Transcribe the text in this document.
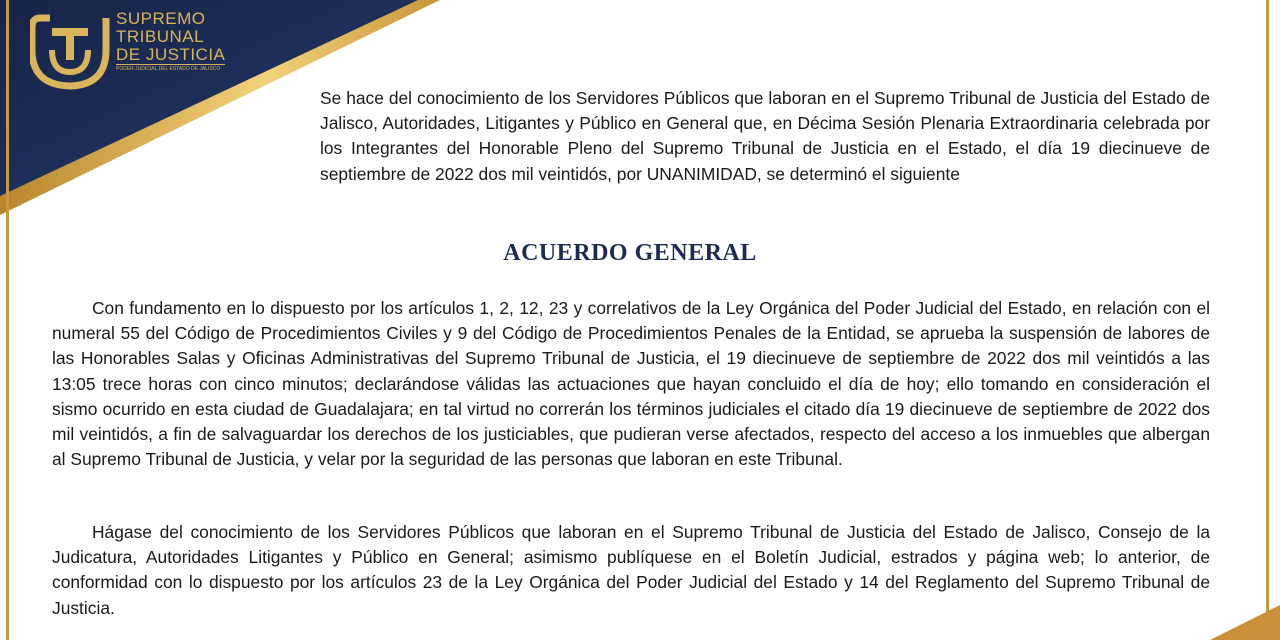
SUPREMO
TRIBUNAL
DE JUSTICIA
PODER JUDICIAL DEL ESTADO DE JALISCO

Se hace del conocimiento de los Servidores Públicos que laboran en el Supremo Tribunal de Justicia del Estado de Jalisco, Autoridades, Litigantes y Público en General que, en Décima Sesión Plenaria Extraordinaria celebrada por los Integrantes del Honorable Pleno del Supremo Tribunal de Justicia en el Estado, el día 19 diecinueve de septiembre de 2022 dos mil veintidós, por UNANIMIDAD, se determinó el siguiente

ACUERDO GENERAL

Con fundamento en lo dispuesto por los artículos 1, 2, 12, 23 y correlativos de la Ley Orgánica del Poder Judicial del Estado, en relación con el numeral 55 del Código de Procedimientos Civiles y 9 del Código de Procedimientos Penales de la Entidad, se aprueba la suspensión de labores de las Honorables Salas y Oficinas Administrativas del Supremo Tribunal de Justicia, el 19 diecinueve de septiembre de 2022 dos mil veintidós a las 13:05 trece horas con cinco minutos; declarándose válidas las actuaciones que hayan concluido el día de hoy; ello tomando en consideración el sismo ocurrido en esta ciudad de Guadalajara; en tal virtud no correrán los términos judiciales el citado día 19 diecinueve de septiembre de 2022 dos mil veintidós, a fin de salvaguardar los derechos de los justiciables, que pudieran verse afectados, respecto del acceso a los inmuebles que albergan al Supremo Tribunal de Justicia, y velar por la seguridad de las personas que laboran en este Tribunal.

Hágase del conocimiento de los Servidores Públicos que laboran en el Supremo Tribunal de Justicia del Estado de Jalisco, Consejo de la Judicatura, Autoridades Litigantes y Público en General; asimismo publíquese en el Boletín Judicial, estrados y página web; lo anterior, de conformidad con lo dispuesto por los artículos 23 de la Ley Orgánica del Poder Judicial del Estado y 14 del Reglamento del Supremo Tribunal de Justicia.
